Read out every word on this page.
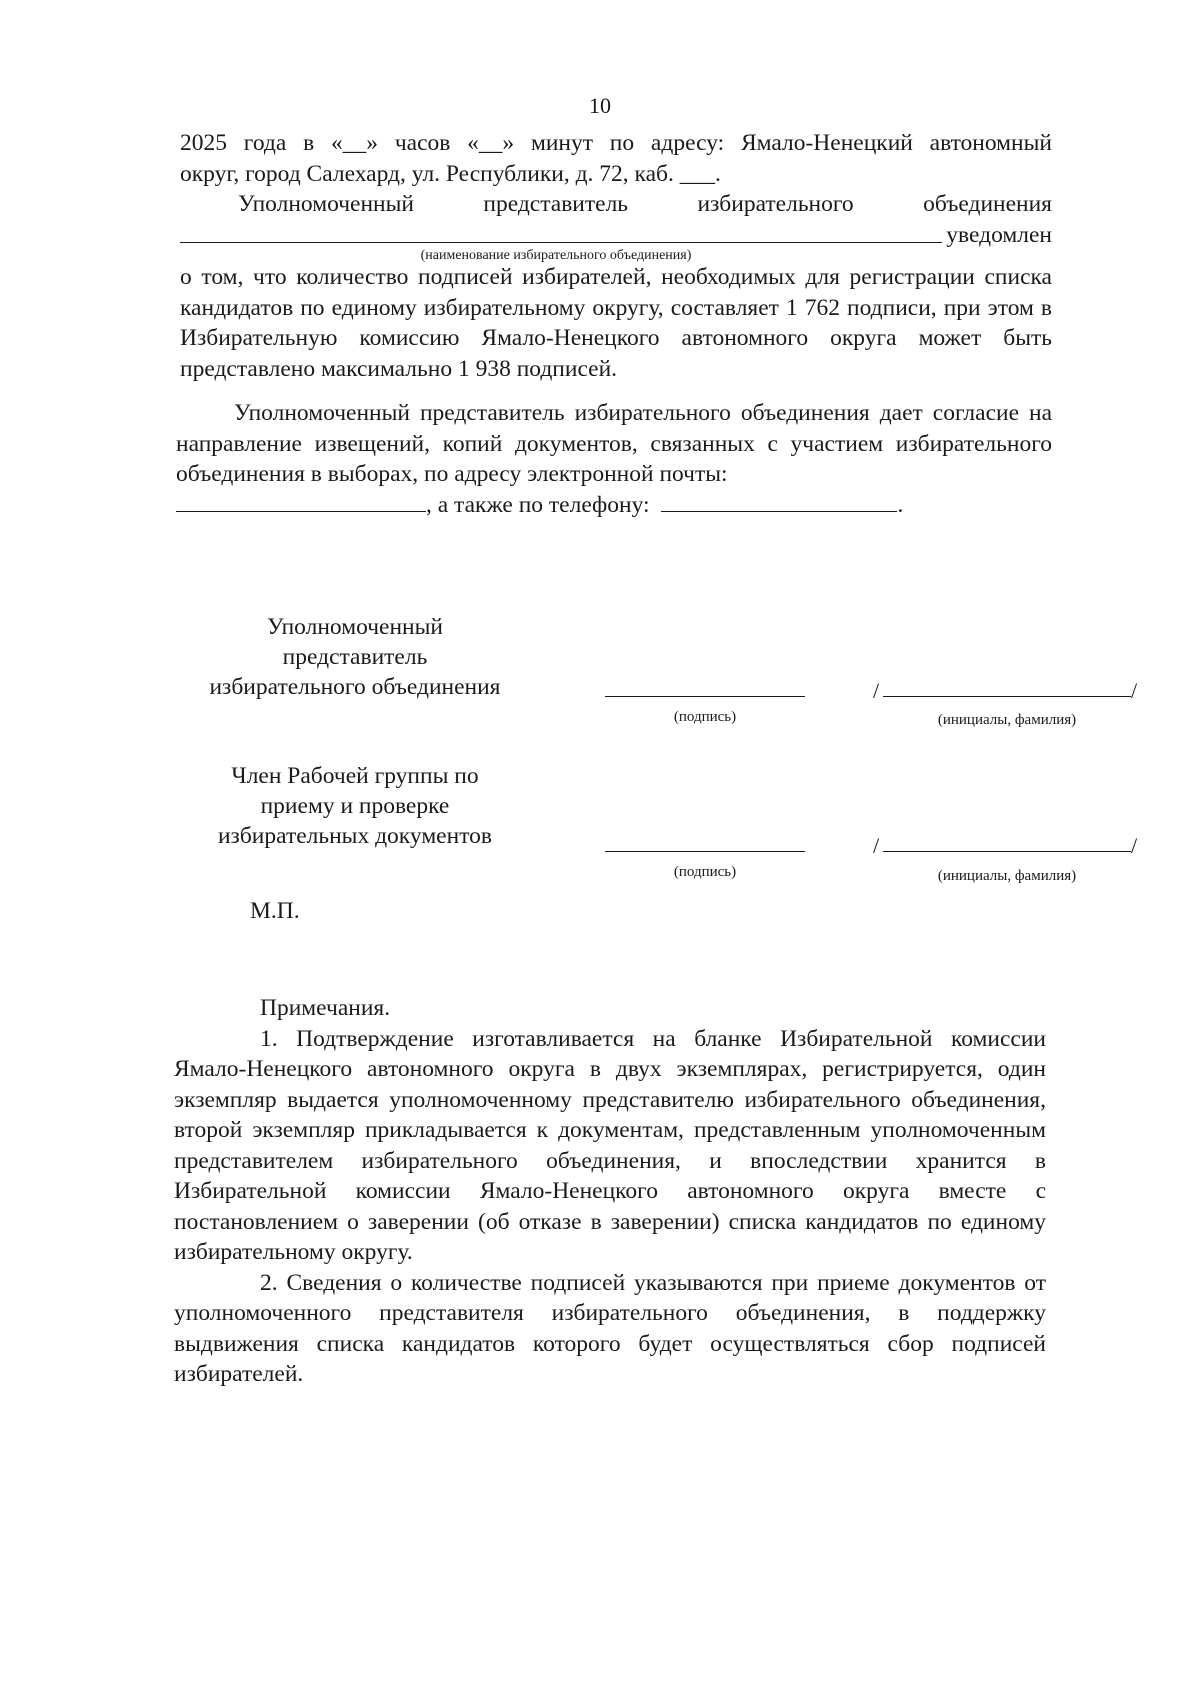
10

2025 года в «__» часов «__» минут по адресу: Ямало-Ненецкий автономный

округ, город Салехард, ул. Республики, д. 72, каб. ___.

Уполномоченный представитель избирательного объединения

уведомлен
(наименование избирательного объединения)

о том, что количество подписей избирателей, необходимых для регистрации списка кандидатов по единому избирательному округу, составляет 1 762 подписи, при этом в Избирательную комиссию Ямало-Ненецкого автономного округа может быть представлено максимально 1 938 подписей.

Уполномоченный представитель избирательного объединения дает согласие на направление извещений, копий документов, связанных с участием избирательного объединения в выборах, по адресу электронной почты:

, а также по телефону:	.
Уполномоченный
представитель
избирательного объединения
(подпись)
/	/
(инициалы, фамилия)
Член Рабочей группы по
приему и проверке
избирательных документов
(подпись)
/	/
(инициалы, фамилия)
М.П.
Примечания.

1. Подтверждение изготавливается на бланке Избирательной комиссии Ямало-Ненецкого автономного округа в двух экземплярах, регистрируется, один экземпляр выдается уполномоченному представителю избирательного объединения, второй экземпляр прикладывается к документам, представленным уполномоченным представителем избирательного объединения, и впоследствии хранится в Избирательной комиссии Ямало-Ненецкого автономного округа вместе с постановлением о заверении (об отказе в заверении) списка кандидатов по единому избирательному округу.

2. Сведения о количестве подписей указываются при приеме документов от уполномоченного представителя избирательного объединения, в поддержку выдвижения списка кандидатов которого будет осуществляться сбор подписей избирателей.
